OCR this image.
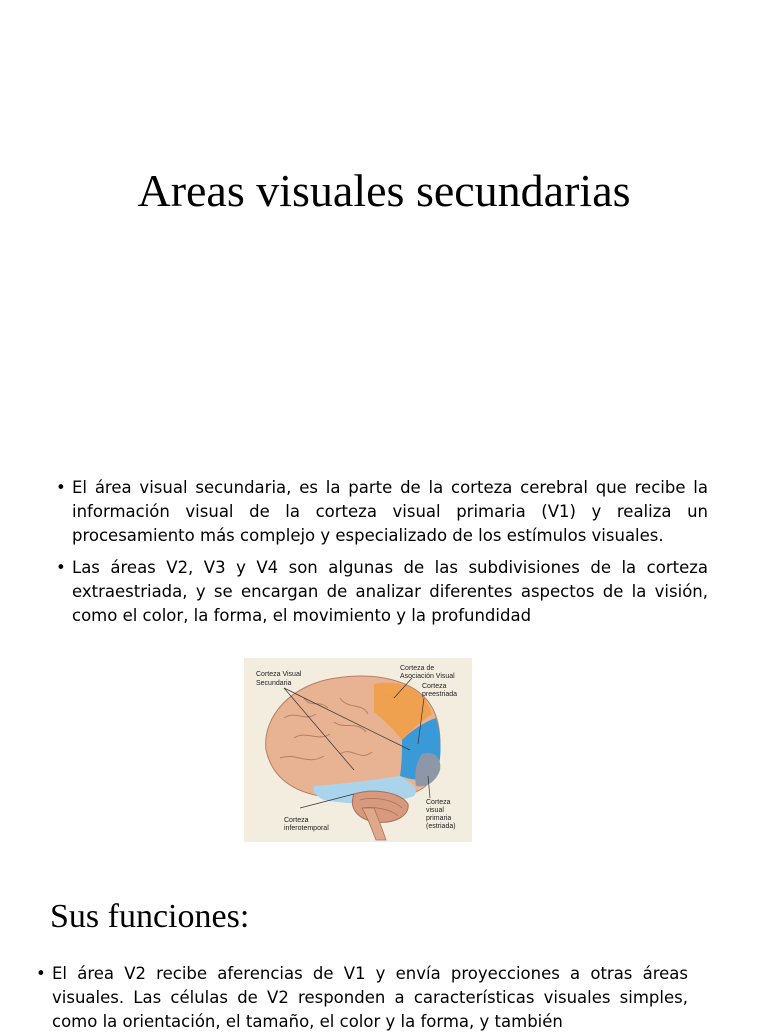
Areas visuales secundarias
• El área visual secundaria, es la parte de la corteza cerebral que recibe la información visual de la corteza visual primaria (V1) y realiza un procesamiento más complejo y especializado de los estímulos visuales.
• Las áreas V2, V3 y V4 son algunas de las subdivisiones de la corteza extraestriada, y se encargan de analizar diferentes aspectos de la visión, como el color, la forma, el movimiento y la profundidad
Corteza Visual
Secundaria
Corteza de
Asociación Visual
Corteza
preestriada
Corteza
inferotemporal
Corteza
visual
primaria
(estriada)
Sus funciones:
• El área V2 recibe aferencias de V1 y envía proyecciones a otras áreas visuales. Las células de V2 responden a características visuales simples, como la orientación, el tamaño, el color y la forma, y también
